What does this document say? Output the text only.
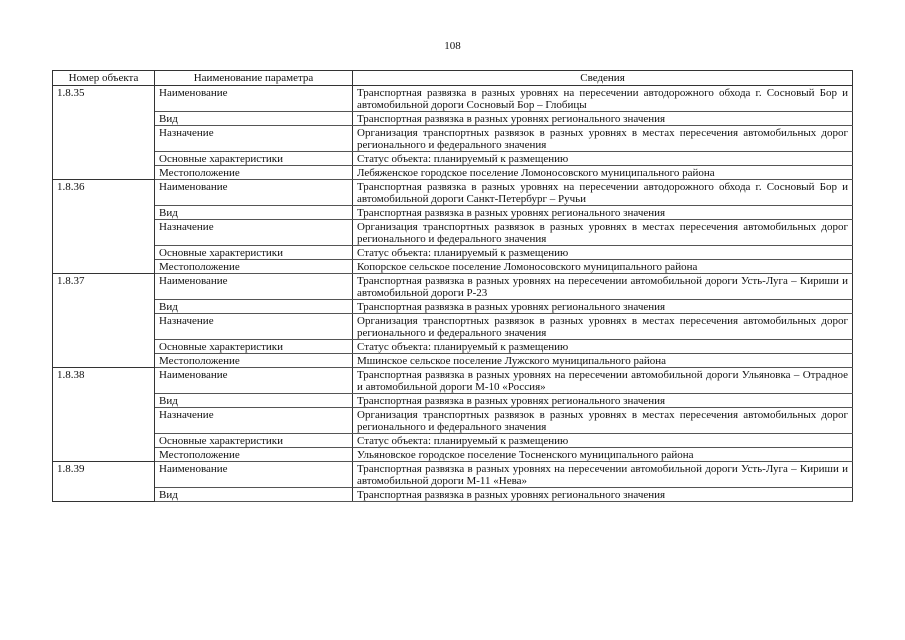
108
Номер объекта	Наименование параметра	Сведения
1.8.35	Наименование	Транспортная развязка в разных уровнях на пересечении автодорожного обхода г. Сосновый Бор и автомобильной дороги Сосновый Бор – Глобицы
	Вид	Транспортная развязка в разных уровнях регионального значения
	Назначение	Организация транспортных развязок в разных уровнях в местах пересечения автомобильных дорог регионального и федерального значения
	Основные характеристики	Статус объекта: планируемый к размещению
	Местоположение	Лебяженское городское поселение Ломоносовского муниципального района
1.8.36	Наименование	Транспортная развязка в разных уровнях на пересечении автодорожного обхода г. Сосновый Бор и автомобильной дороги Санкт-Петербург – Ручьи
	Вид	Транспортная развязка в разных уровнях регионального значения
	Назначение	Организация транспортных развязок в разных уровнях в местах пересечения автомобильных дорог регионального и федерального значения
	Основные характеристики	Статус объекта: планируемый к размещению
	Местоположение	Копорское сельское поселение Ломоносовского муниципального района
1.8.37	Наименование	Транспортная развязка в разных уровнях на пересечении автомобильной дороги Усть-Луга – Кириши и автомобильной дороги Р-23
	Вид	Транспортная развязка в разных уровнях регионального значения
	Назначение	Организация транспортных развязок в разных уровнях в местах пересечения автомобильных дорог регионального и федерального значения
	Основные характеристики	Статус объекта: планируемый к размещению
	Местоположение	Мшинское сельское поселение Лужского муниципального района
1.8.38	Наименование	Транспортная развязка в разных уровнях на пересечении автомобильной дороги Ульяновка – Отрадное и автомобильной дороги М-10 «Россия»
	Вид	Транспортная развязка в разных уровнях регионального значения
	Назначение	Организация транспортных развязок в разных уровнях в местах пересечения автомобильных дорог регионального и федерального значения
	Основные характеристики	Статус объекта: планируемый к размещению
	Местоположение	Ульяновское городское поселение Тосненского муниципального района
1.8.39	Наименование	Транспортная развязка в разных уровнях на пересечении автомобильной дороги Усть-Луга – Кириши и автомобильной дороги М-11 «Нева»
	Вид	Транспортная развязка в разных уровнях регионального значения
